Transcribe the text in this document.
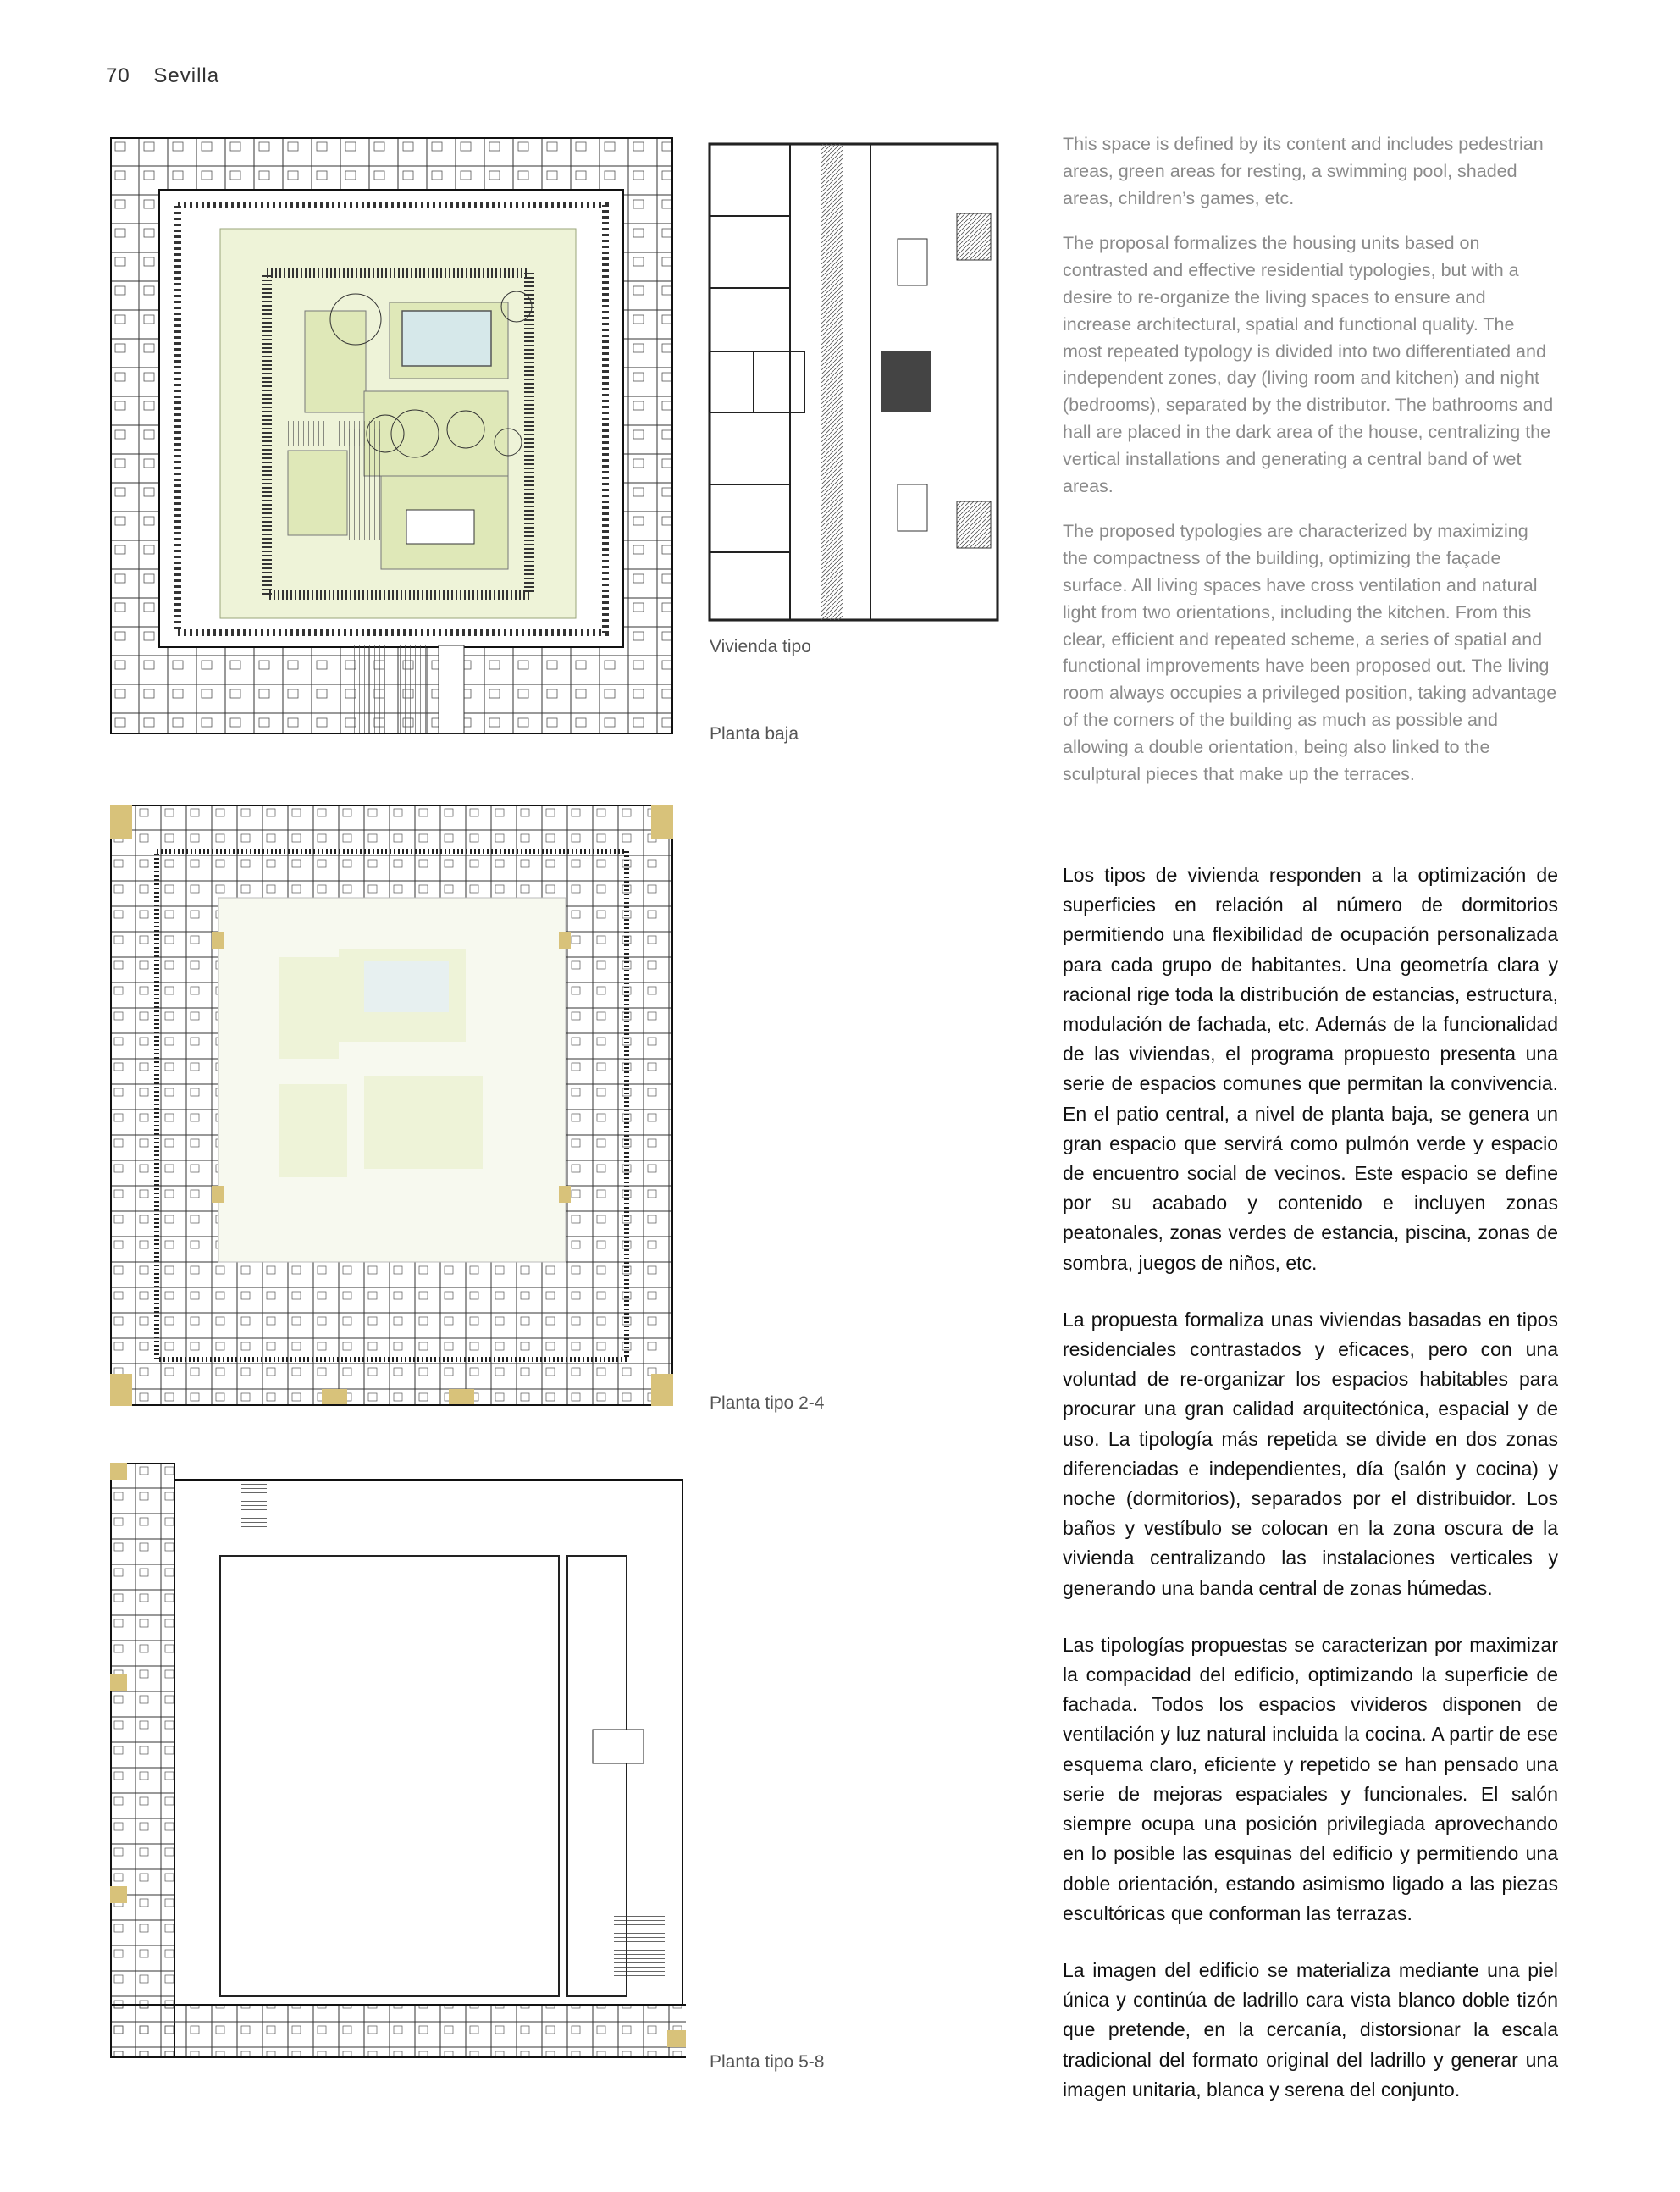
70 Sevilla
Vivienda tipo
Planta baja
Planta tipo 2-4
Planta tipo 5-8

This space is defined by its content and includes pedestrian areas, green areas for resting, a swimming pool, shaded areas, children’s games, etc.

The proposal formalizes the housing units based on contrasted and effective residential typologies, but with a desire to re-organize the living spaces to ensure and increase architectural, spatial and functional quality. The most repeated typology is divided into two differentiated and independent zones, day (living room and kitchen) and night (bedrooms), separated by the distributor. The bathrooms and hall are placed in the dark area of the house, centralizing the vertical installations and generating a central band of wet areas.

The proposed typologies are characterized by maximizing the compactness of the building, optimizing the façade surface. All living spaces have cross ventilation and natural light from two orientations, including the kitchen. From this clear, efficient and repeated scheme, a series of spatial and functional improvements have been proposed out. The living room always occupies a privileged position, taking advantage of the corners of the building as much as possible and allowing a double orientation, being also linked to the sculptural pieces that make up the terraces.

Los tipos de vivienda responden a la optimización de superficies en relación al número de dormitorios permitiendo una flexibilidad de ocupación personalizada para cada grupo de habitantes. Una geometría clara y racional rige toda la distribución de estancias, estructura, modulación de fachada, etc. Además de la funcionalidad de las viviendas, el programa propuesto presenta una serie de espacios comunes que permitan la convivencia. En el patio central, a nivel de planta baja, se genera un gran espacio que servirá como pulmón verde y espacio de encuentro social de vecinos. Este espacio se define por su acabado y contenido e incluyen zonas peatonales, zonas verdes de estancia, piscina, zonas de sombra, juegos de niños, etc.

La propuesta formaliza unas viviendas basadas en tipos residenciales contrastados y eficaces, pero con una voluntad de re-organizar los espacios habitables para procurar una gran calidad arquitectónica, espacial y de uso. La tipología más repetida se divide en dos zonas diferenciadas e independientes, día (salón y cocina) y noche (dormitorios), separados por el distribuidor. Los baños y vestíbulo se colocan en la zona oscura de la vivienda centralizando las instalaciones verticales y generando una banda central de zonas húmedas.

Las tipologías propuestas se caracterizan por maximizar la compacidad del edificio, optimizando la superficie de fachada. Todos los espacios vivideros disponen de ventilación y luz natural incluida la cocina. A partir de ese esquema claro, eficiente y repetido se han pensado una serie de mejoras espaciales y funcionales. El salón siempre ocupa una posición privilegiada aprovechando en lo posible las esquinas del edificio y permitiendo una doble orientación, estando asimismo ligado a las piezas escultóricas que conforman las terrazas.

La imagen del edificio se materializa mediante una piel única y continúa de ladrillo cara vista blanco doble tizón que pretende, en la cercanía, distorsionar la escala tradicional del formato original del ladrillo y generar una imagen unitaria, blanca y serena del conjunto.
